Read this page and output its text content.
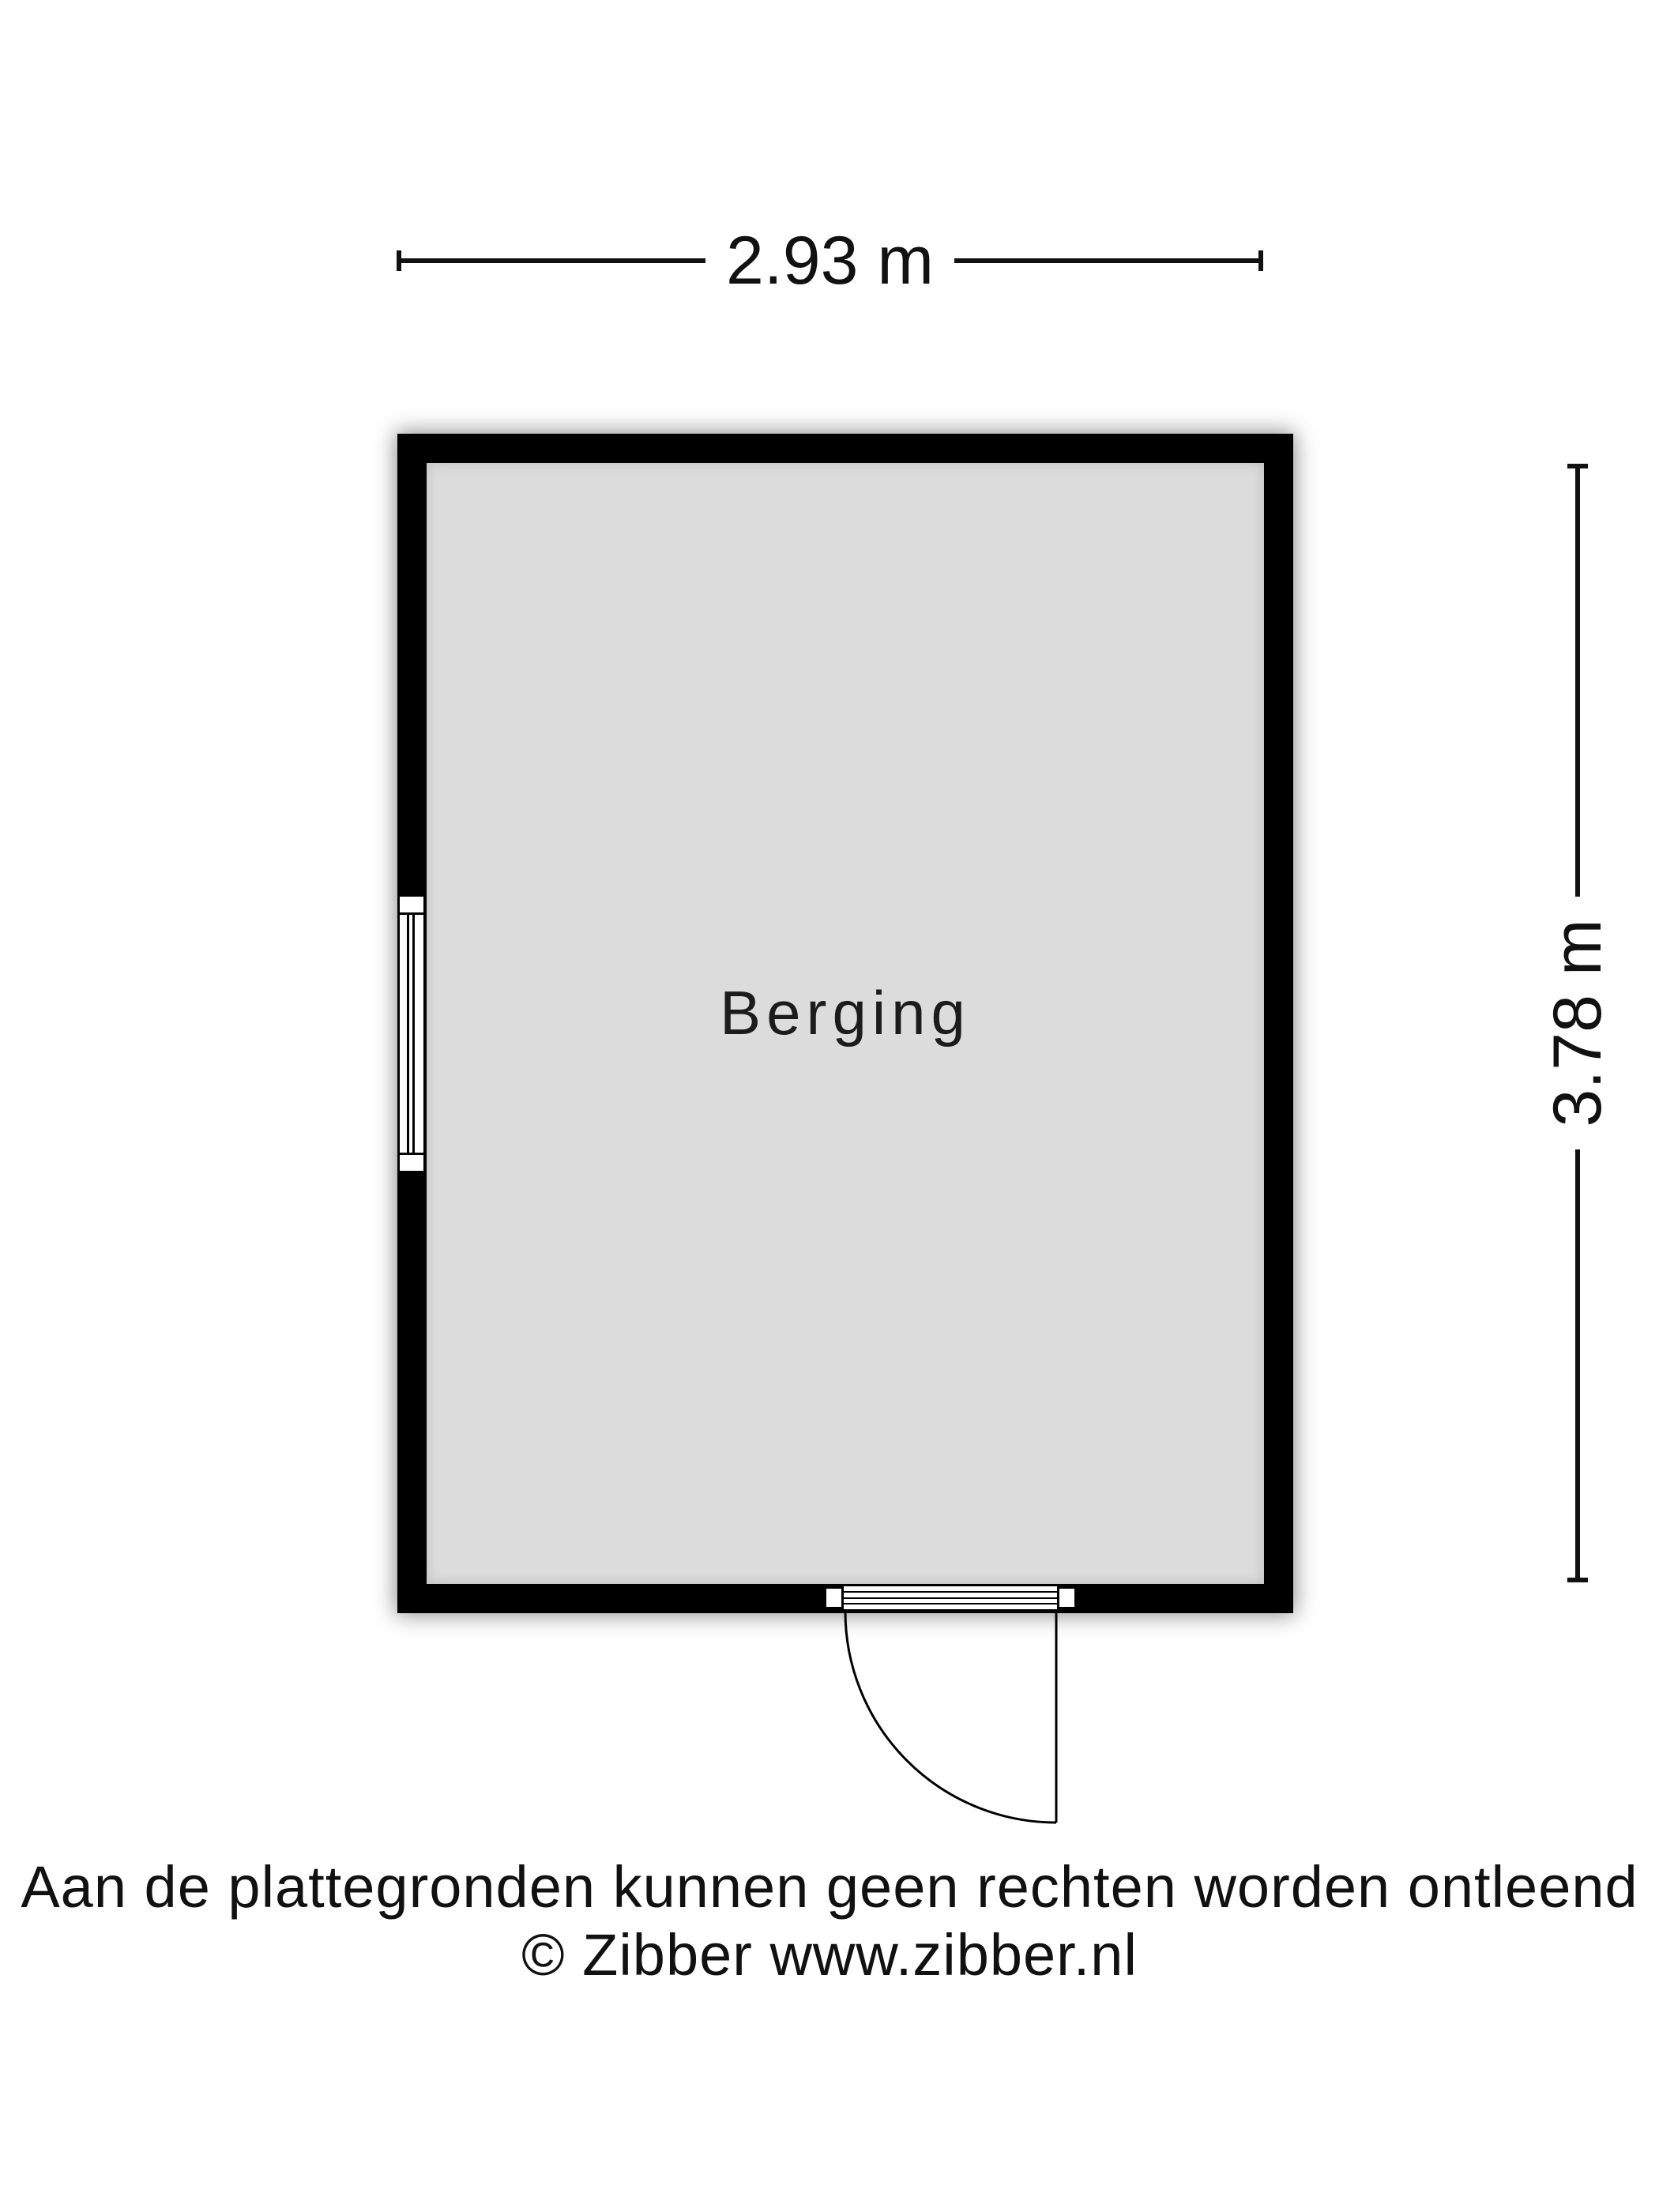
2.93 m
3.78 m
Berging

Aan de plattegronden kunnen geen rechten worden ontleend

© Zibber www.zibber.nl
